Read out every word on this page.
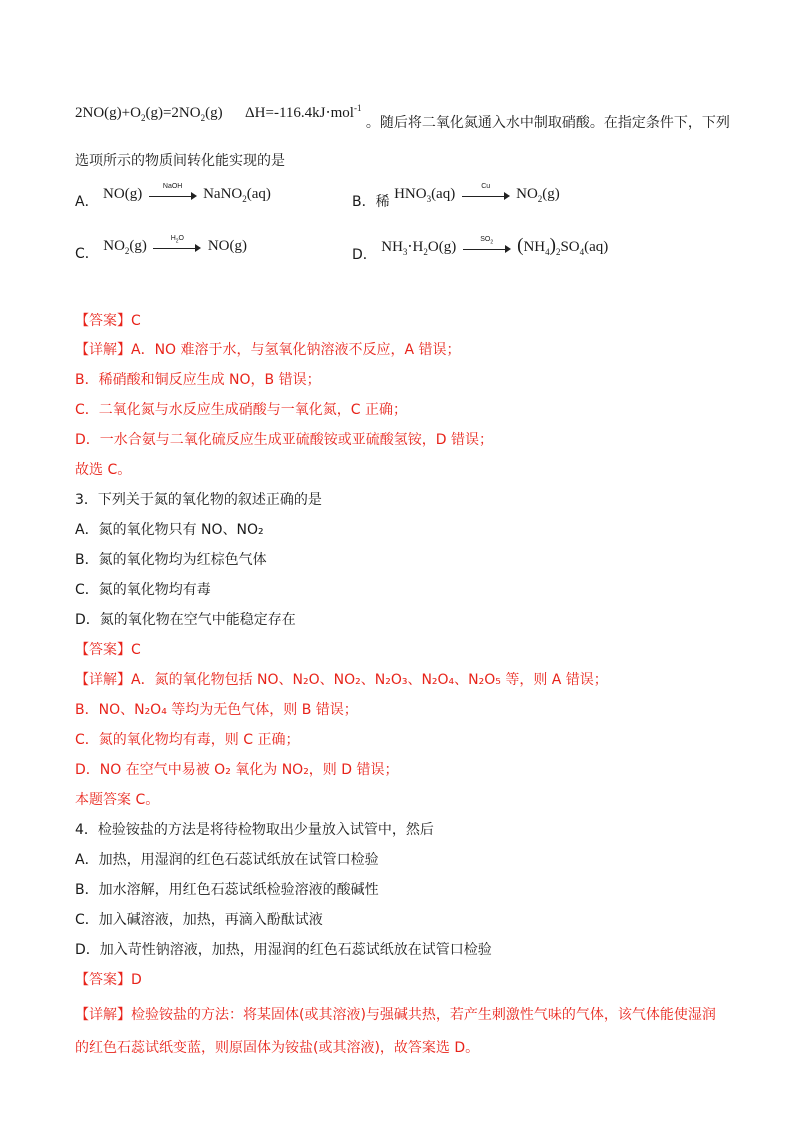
$2NO(g)+O_2(g)=2NO_2(g)$ ΔH=-116.4kJ⋅mol$^{-1}$ 。随后将二氧化氮通入水中制取硝酸。在指定条件下，下列
选项所示的物质间转化能实现的是
A． NO(g)	NaOH	NaNO$_2$(aq)	B．稀 $HNO_3(aq)$	Cu	$NO_2(g)$
C． $NO_2(g)$	$H_2O$	NO(g)
D． $NH_3\cdot H_2O(g)$	$SO_2$	$(NH_4)_2SO_4(aq)$
【答案】C
【详解】A．NO 难溶于水，与氢氧化钠溶液不反应，A 错误；
B．稀硝酸和铜反应生成 NO，B 错误；
C．二氧化氮与水反应生成硝酸与一氧化氮，C 正确；
D．一水合氨与二氧化硫反应生成亚硫酸铵或亚硫酸氢铵，D 错误；
故选 C。
3．下列关于氮的氧化物的叙述正确的是
A．氮的氧化物只有 NO、NO₂
B．氮的氧化物均为红棕色气体
C．氮的氧化物均有毒
D．氮的氧化物在空气中能稳定存在
【答案】C
【详解】A．氮的氧化物包括 NO、N₂O、NO₂、N₂O₃、N₂O₄、N₂O₅ 等，则 A 错误；
B．NO、N₂O₄ 等均为无色气体，则 B 错误；
C．氮的氧化物均有毒，则 C 正确；
D．NO 在空气中易被 O₂ 氧化为 NO₂，则 D 错误；
本题答案 C。
4．检验铵盐的方法是将待检物取出少量放入试管中，然后
A．加热，用湿润的红色石蕊试纸放在试管口检验
B．加水溶解，用红色石蕊试纸检验溶液的酸碱性
C．加入碱溶液，加热，再滴入酚酞试液
D．加入苛性钠溶液，加热，用湿润的红色石蕊试纸放在试管口检验
【答案】D
【详解】检验铵盐的方法：将某固体(或其溶液)与强碱共热，若产生刺激性气味的气体，该气体能使湿润
的红色石蕊试纸变蓝，则原固体为铵盐(或其溶液)，故答案选 D。
